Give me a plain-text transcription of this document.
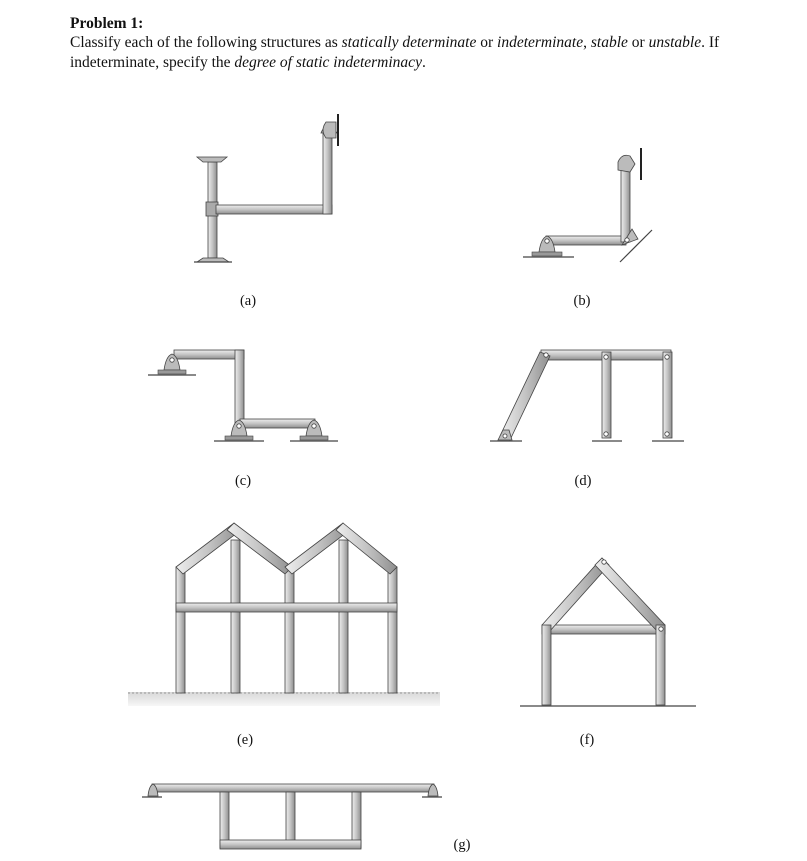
Problem 1:
Classify each of the following structures as statically determinate or indeterminate, stable or unstable. If indeterminate, specify the degree of static indeterminacy.
(a)	(b)
(c)	(d)
(e)	(f)
(g)
